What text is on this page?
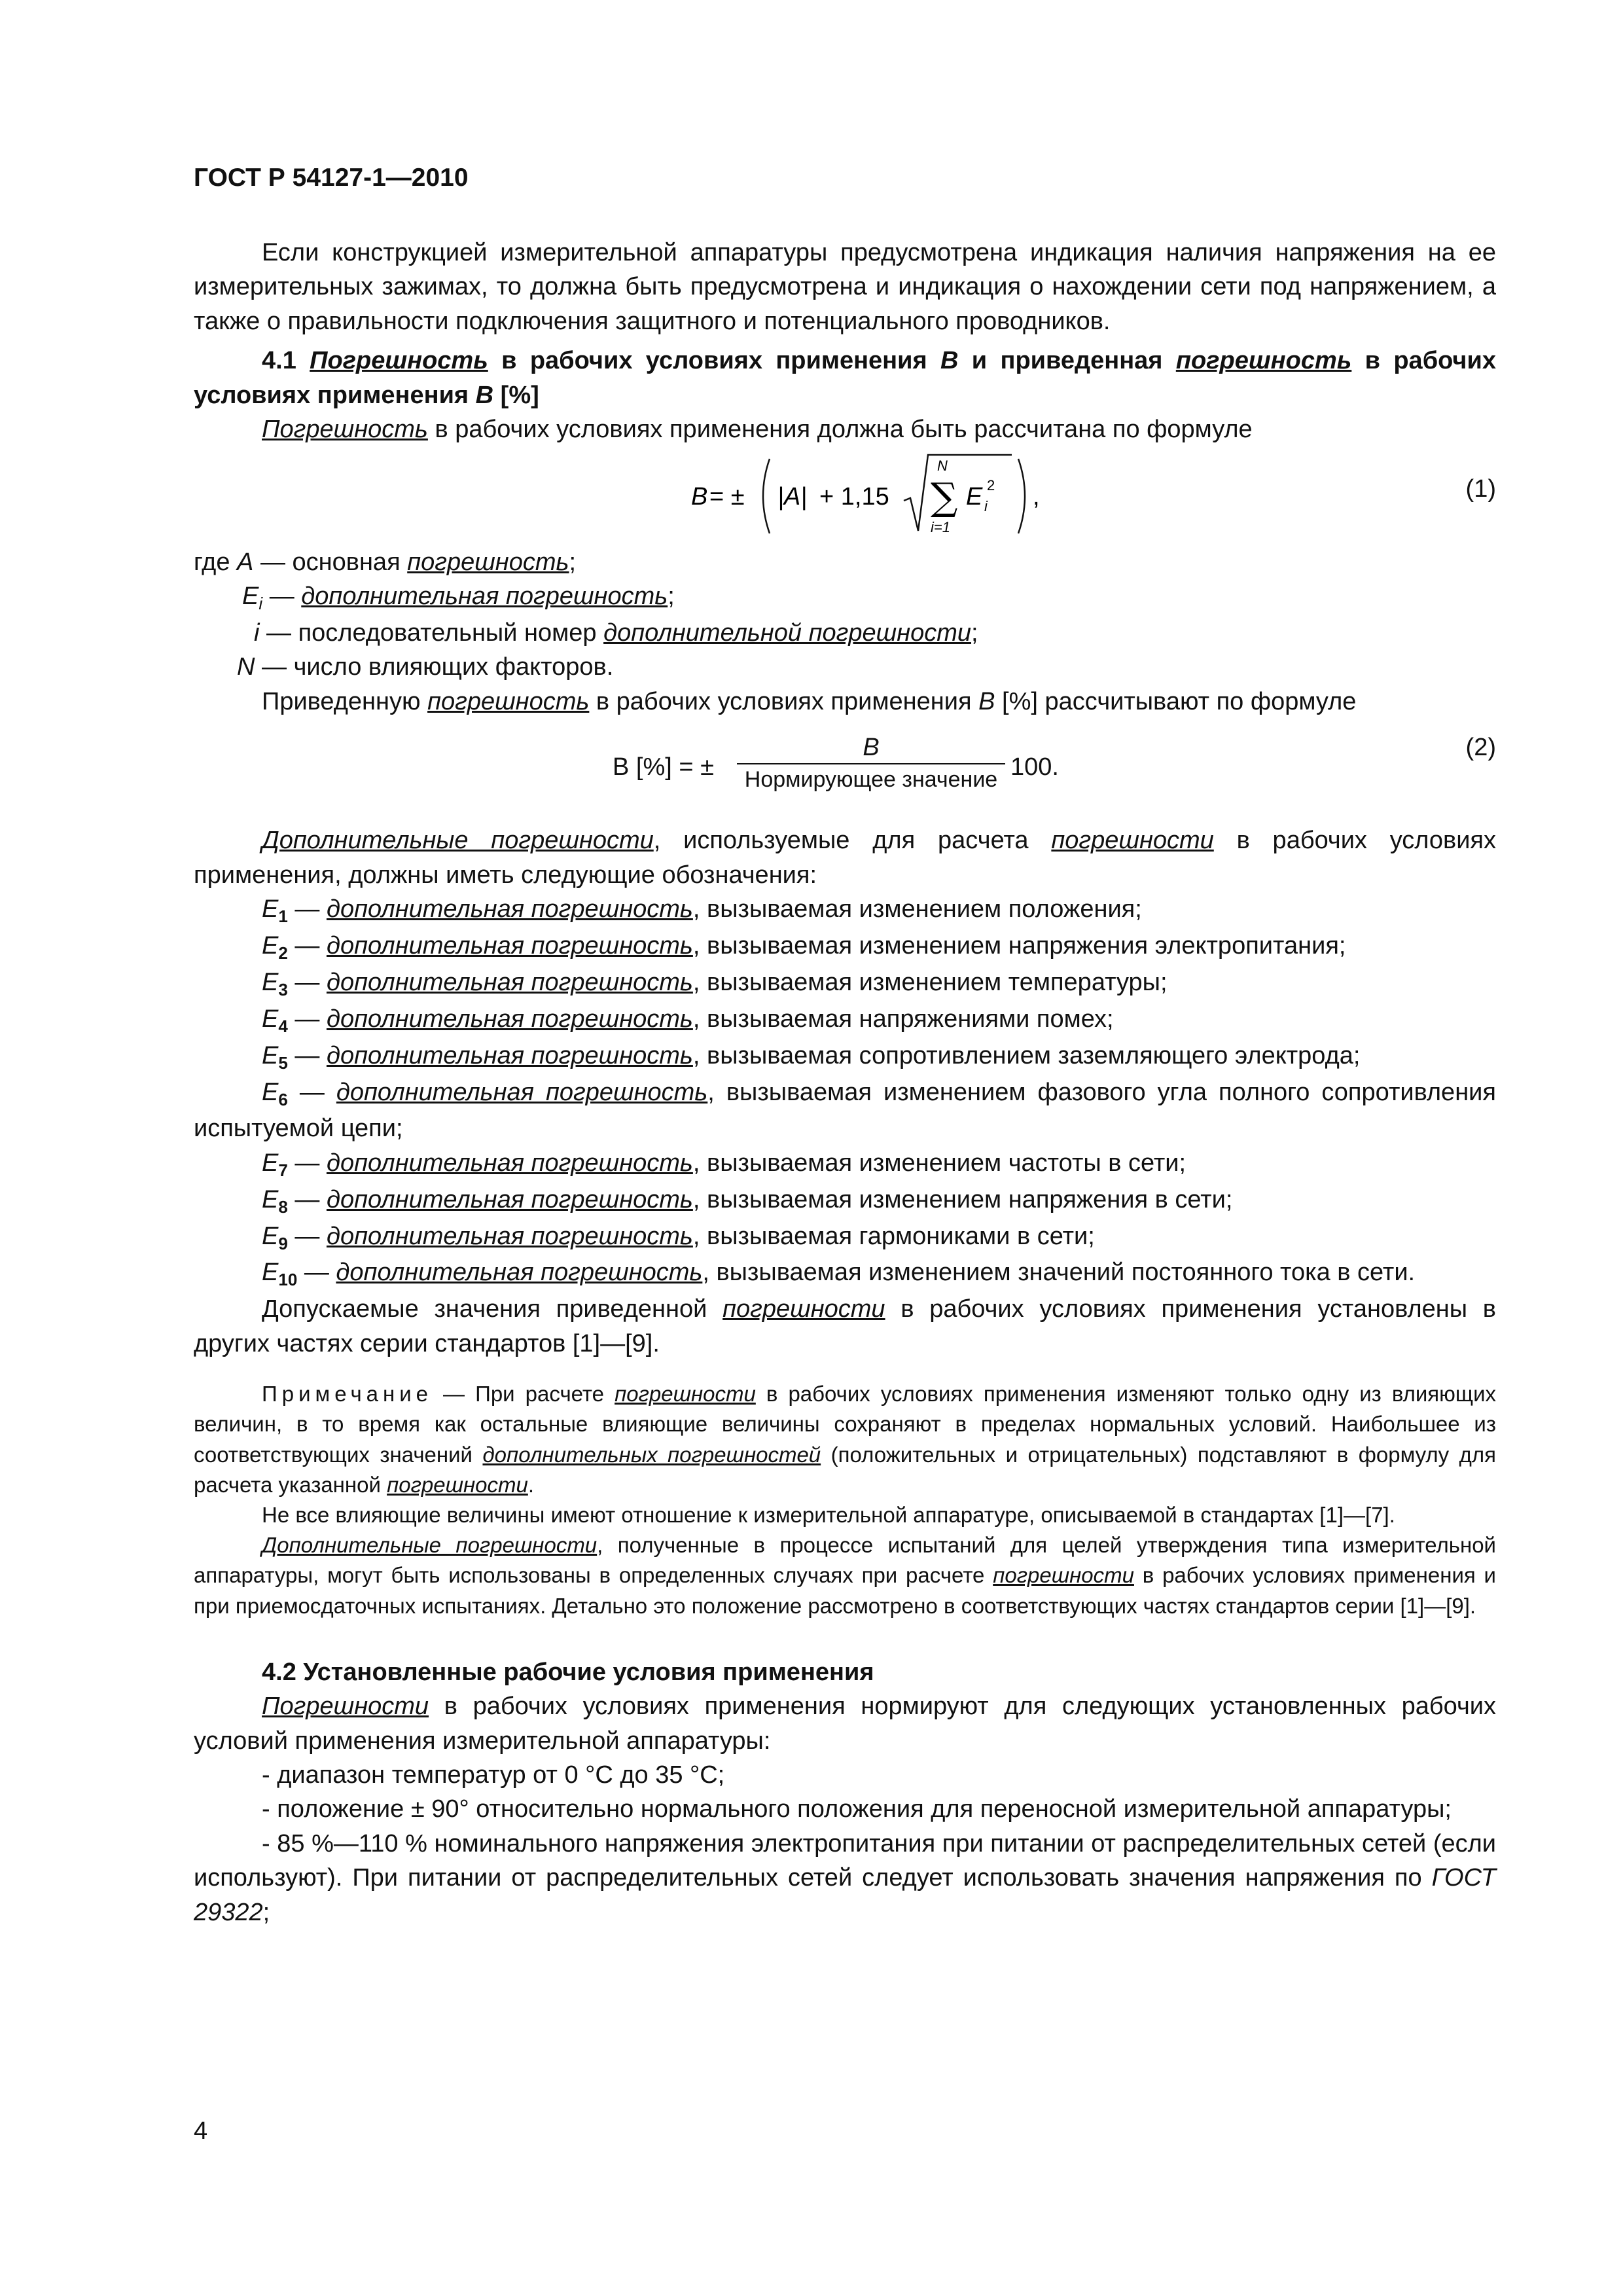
ГОСТ Р 54127-1—2010

Если конструкцией измерительной аппаратуры предусмотрена индикация наличия напряжения на ее измерительных зажимах, то должна быть предусмотрена и индикация о нахождении сети под напряжением, а также о правильности подключения защитного и потенциального проводников.

4.1 Погрешность в рабочих условиях применения B и приведенная погрешность в рабочих условиях применения B [%]

Погрешность в рабочих условиях применения должна быть рассчитана по формуле

B = ± |A| + 1,15
N
∑
i=1
E i
2 ,	(1)

где A — основная погрешность;

$E_i$ — дополнительная погрешность;

i — последовательный номер дополнительной погрешности;

N — число влияющих факторов.

Приведенную погрешность в рабочих условиях применения B [%] рассчитывают по формуле

B [%] = ±
B
Нормирующее значение 100.
(2)

Дополнительные погрешности, используемые для расчета погрешности в рабочих условиях применения, должны иметь следующие обозначения:

$E_1$ — дополнительная погрешность, вызываемая изменением положения;

$E_2$ — дополнительная погрешность, вызываемая изменением напряжения электропитания;

$E_3$ — дополнительная погрешность, вызываемая изменением температуры;

$E_4$ — дополнительная погрешность, вызываемая напряжениями помех;

$E_5$ — дополнительная погрешность, вызываемая сопротивлением заземляющего электрода;

$E_6$ — дополнительная погрешность, вызываемая изменением фазового угла полного сопротивления испытуемой цепи;

$E_7$ — дополнительная погрешность, вызываемая изменением частоты в сети;

$E_8$ — дополнительная погрешность, вызываемая изменением напряжения в сети;

$E_9$ — дополнительная погрешность, вызываемая гармониками в сети;

$E_{10}$ — дополнительная погрешность, вызываемая изменением значений постоянного тока в сети.

Допускаемые значения приведенной погрешности в рабочих условиях применения установлены в других частях серии стандартов [1]—[9].

Примечание — При расчете погрешности в рабочих условиях применения изменяют только одну из влияющих величин, в то время как остальные влияющие величины сохраняют в пределах нормальных условий. Наибольшее из соответствующих значений дополнительных погрешностей (положительных и отрицательных) подставляют в формулу для расчета указанной погрешности.

Не все влияющие величины имеют отношение к измерительной аппаратуре, описываемой в стандартах [1]—[7].

Дополнительные погрешности, полученные в процессе испытаний для целей утверждения типа измерительной аппаратуры, могут быть использованы в определенных случаях при расчете погрешности в рабочих условиях применения и при приемосдаточных испытаниях. Детально это положение рассмотрено в соответствующих частях стандартов серии [1]—[9].

4.2 Установленные рабочие условия применения

Погрешности в рабочих условиях применения нормируют для следующих установленных рабочих условий применения измерительной аппаратуры:

- диапазон температур от 0 °С до 35 °С;

- положение ± 90° относительно нормального положения для переносной измерительной аппаратуры;

- 85 %—110 % номинального напряжения электропитания при питании от распределительных сетей (если используют). При питании от распределительных сетей следует использовать значения напряжения по ГОСТ 29322;

4
